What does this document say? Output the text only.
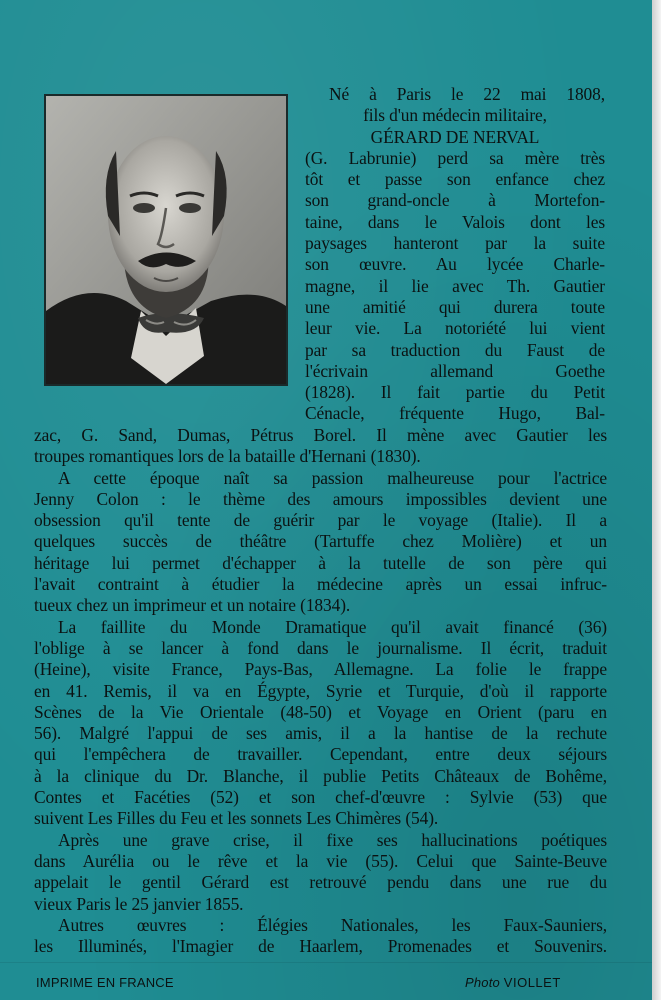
Né à Paris le 22 mai 1808,
fils d'un médecin militaire,
GÉRARD DE NERVAL
(G. Labrunie) perd sa mère très
tôt et passe son enfance chez
son grand-oncle à Mortefon-
taine, dans le Valois dont les
paysages hanteront par la suite
son œuvre. Au lycée Charle-
magne, il lie avec Th. Gautier
une amitié qui durera toute
leur vie. La notoriété lui vient
par sa traduction du Faust de
l'écrivain allemand Goethe
(1828). Il fait partie du Petit
Cénacle, fréquente Hugo, Bal-
zac, G. Sand, Dumas, Pétrus Borel. Il mène avec Gautier les
troupes romantiques lors de la bataille d'Hernani (1830).
A cette époque naît sa passion malheureuse pour l'actrice
Jenny Colon : le thème des amours impossibles devient une
obsession qu'il tente de guérir par le voyage (Italie). Il a
quelques succès de théâtre (Tartuffe chez Molière) et un
héritage lui permet d'échapper à la tutelle de son père qui
l'avait contraint à étudier la médecine après un essai infruc-
tueux chez un imprimeur et un notaire (1834).
La faillite du Monde Dramatique qu'il avait financé (36)
l'oblige à se lancer à fond dans le journalisme. Il écrit, traduit
(Heine), visite France, Pays-Bas, Allemagne. La folie le frappe
en 41. Remis, il va en Égypte, Syrie et Turquie, d'où il rapporte
Scènes de la Vie Orientale (48-50) et Voyage en Orient (paru en
56). Malgré l'appui de ses amis, il a la hantise de la rechute
qui l'empêchera de travailler. Cependant, entre deux séjours
à la clinique du Dr. Blanche, il publie Petits Châteaux de Bohême,
Contes et Facéties (52) et son chef-d'œuvre : Sylvie (53) que
suivent Les Filles du Feu et les sonnets Les Chimères (54).
Après une grave crise, il fixe ses hallucinations poétiques
dans Aurélia ou le rêve et la vie (55). Celui que Sainte-Beuve
appelait le gentil Gérard est retrouvé pendu dans une rue du
vieux Paris le 25 janvier 1855.
Autres œuvres : Élégies Nationales, les Faux-Sauniers,
les Illuminés, l'Imagier de Haarlem, Promenades et Souvenirs.
IMPRIME EN FRANCE	Photo VIOLLET
